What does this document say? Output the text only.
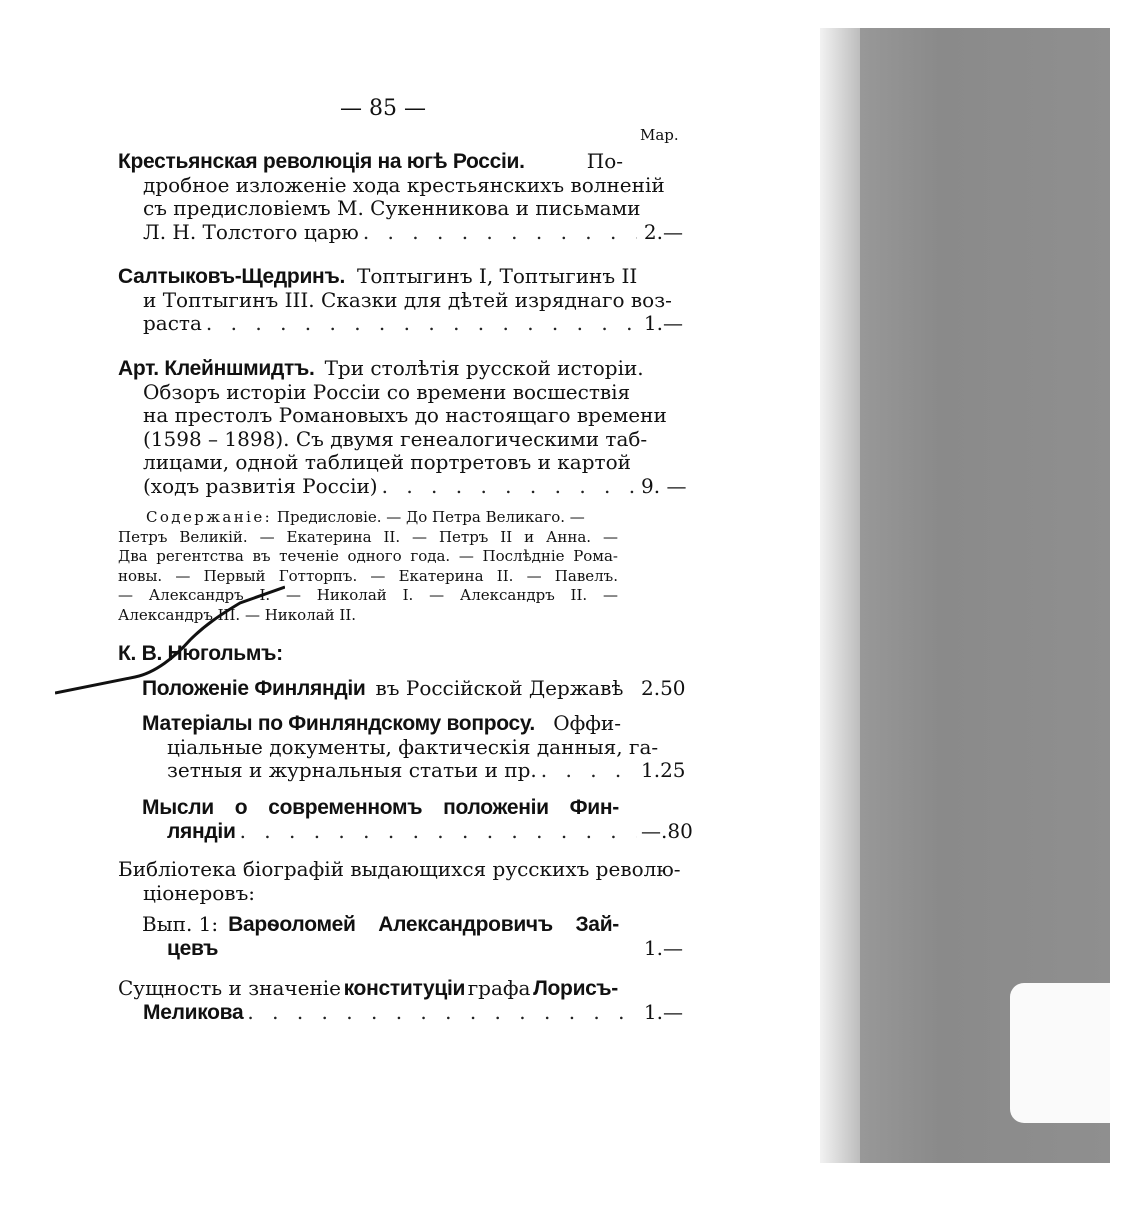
— 85 —
Мар.
Крестьянская революція на югѣ Россіи.	По-
дробное изложеніе хода крестьянскихъ волненій
съ предисловіемъ М. Сукенникова и письмами
Л. Н. Толстого царю . . .	2.—
Салтыковъ-Щедринъ. Топтыгинъ I, Топтыгинъ II
и Топтыгинъ III. Сказки для дѣтей изряднаго воз-
раста . . .	1.—
Арт. Клейншмидтъ. Три столѣтія русской исторіи.
Обзоръ исторіи Россіи со времени восшествія
на престолъ Романовыхъ до настоящаго времени
(1598 – 1898). Съ двумя генеалогическими таб-
лицами, одной таблицей портретовъ и картой
(ходъ развитія Россіи) . . .	9. —
Содержаніе: Предисловіе. — До Петра Великаго. —
Петръ Великій. — Екатерина II. — Петръ II и Анна. —
Два регентства въ теченіе одного года. — Послѣдніе Рома-
новы. — Первый Готторпъ. — Екатерина II. — Павелъ.
— Александръ I. — Николай I. — Александръ II. —
Александръ III. — Николай II.
К. В. Нюгольмъ:
Положеніе Финляндіи въ Россійской Державѣ 2.50
Матеріалы по Финляндскому вопросу. Оффи-
ціальные документы, фактическія данныя, га-
зетныя и журнальныя статьи и пр. . . .	1.25
Мысли о современномъ положеніи Фин-
ляндіи . . .	—.80
Библіотека біографій выдающихся русскихъ револю-
ціонеровъ:
Вып. 1: Варѳоломей Александровичъ Зай-
цевъ	1.—
Сущность и значеніе конституціи графа Лорисъ-
Меликова . . .	1.—
